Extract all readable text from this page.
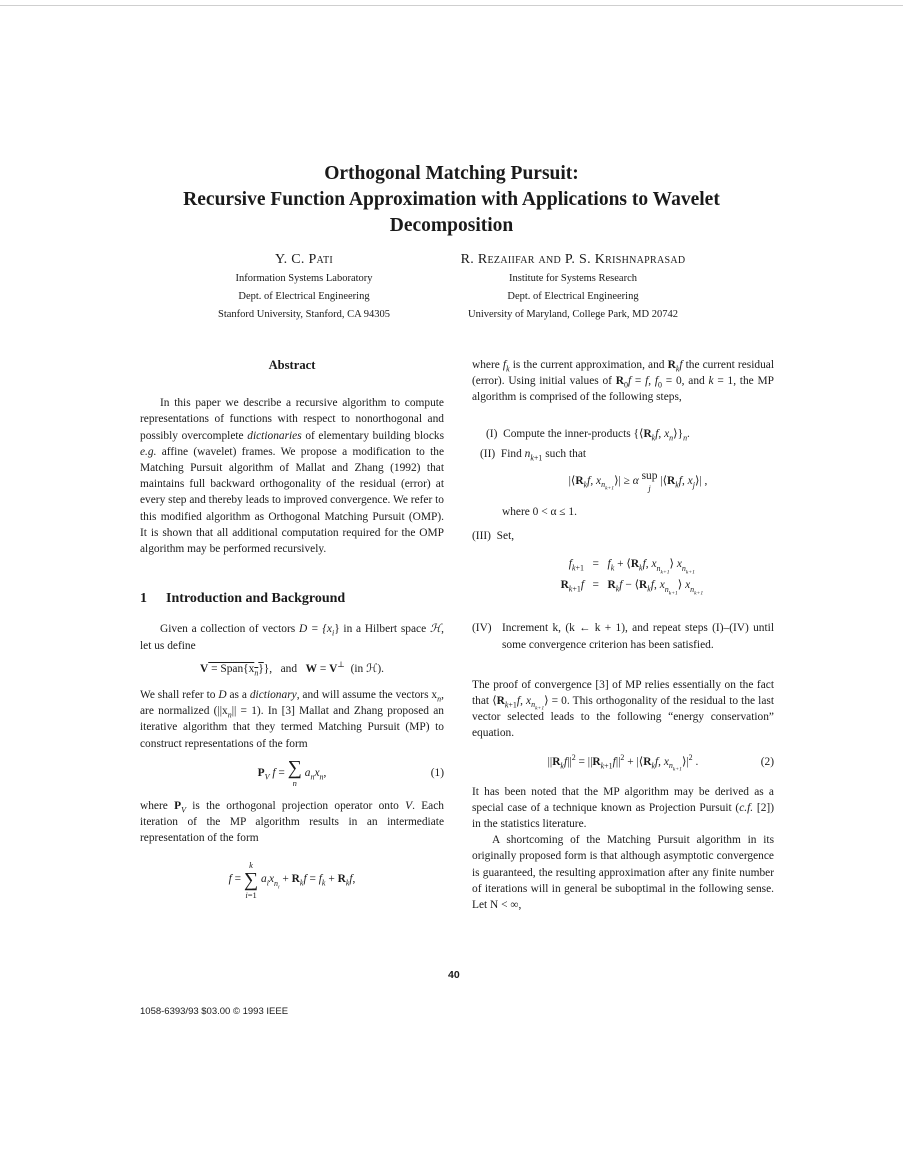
Orthogonal Matching Pursuit:
Recursive Function Approximation with Applications to Wavelet
Decomposition
Y. C. Pati
Information Systems Laboratory
Dept. of Electrical Engineering
Stanford University, Stanford, CA 94305
R. Rezaiifar and P. S. Krishnaprasad
Institute for Systems Research
Dept. of Electrical Engineering
University of Maryland, College Park, MD 20742
Abstract

In this paper we describe a recursive algorithm to compute representations of functions with respect to nonorthogonal and possibly overcomplete dictionaries of elementary building blocks e.g. affine (wavelet) frames. We propose a modification to the Matching Pursuit algorithm of Mallat and Zhang (1992) that maintains full backward orthogonality of the residual (error) at every step and thereby leads to improved convergence. We refer to this modified algorithm as Orthogonal Matching Pursuit (OMP). It is shown that all additional computation required for the OMP algorithm may be performed recursively.

1 Introduction and Background

Given a collection of vectors $D = \{x_i\}$ in a Hilbert space ℋ, let us define

$V = Span\{x_n\}$},   and   W = V⊥  (in ℋ).

We shall refer to D as a dictionary, and will assume the vectors $x_n$, are normalized $(||x_n|| = 1)$. In [3] Mallat and Zhang proposed an iterative algorithm that they termed Matching Pursuit (MP) to construct representations of the form

$P_V$ f = ∑
n
$a_nx_n$,	(1)

where $P_V$ is the orthogonal projection operator onto V. Each iteration of the MP algorithm results in an intermediate representation of the form

f =
k
∑
i=1
$a_ix_{n_i} + R_kf = f_k + R_kf$,

where $f_k$ is the current approximation, and $R_kf$ the current residual (error). Using initial values of $R_0f = f$, $f_0 = 0$, and k = 1, the MP algorithm is comprised of the following steps,

(I) Compute the inner-products {$⟨R_kf$, $x_n⟩\}_n$.
(II) Find $n_{k+1}$ such that
$|⟨R_kf$, $x_{n_{k+1}}⟩| \ge \alpha$ sup
j
$|⟨R_kf$, $x_j⟩|$ ,
where 0 < α ≤ 1.
(III) Set,
$f_{k+1} = f_k$ + $⟨R_kf$, $x_{n_{k+1}}⟩$ $x_{n_{k+1}}$
$R_{k+1}f = R_kf$ − $⟨R_kf$, $x_{n_{k+1}}⟩$ $x_{n_{k+1}}$
(IV) Increment k, (k ← k + 1), and repeat steps (I)–(IV) until some convergence criterion has been satisfied.

The proof of convergence [3] of MP relies essentially on the fact that $⟨R_{k+1}f$, $x_{n_{k+1}}⟩ = 0$. This orthogonality of the residual to the last vector selected leads to the following “energy conservation” equation.

$||R_kf||^2 = ||R_{k+1}f||^2$ + $|⟨R_kf$, $x_{n_{k+1}}⟩|^2$ .	(2)

It has been noted that the MP algorithm may be derived as a special case of a technique known as Projection Pursuit (c.f. [2]) in the statistics literature.

A shortcoming of the Matching Pursuit algorithm in its originally proposed form is that although asymptotic convergence is guaranteed, the resulting approximation after any finite number of iterations will in general be suboptimal in the following sense. Let N < ∞,

40
1058-6393/93 $03.00 © 1993 IEEE
